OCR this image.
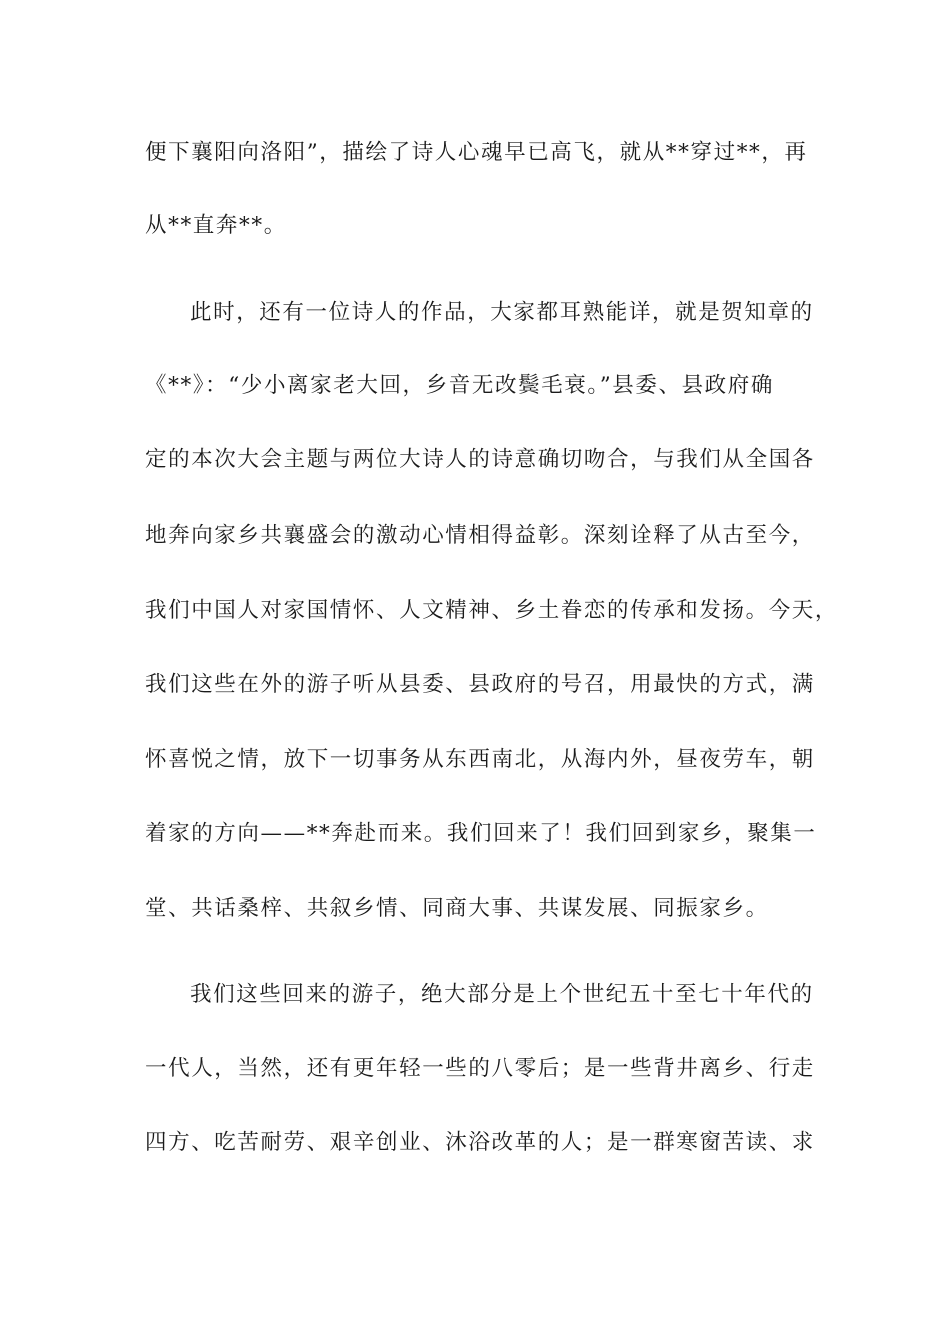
便下襄阳向洛阳”，描绘了诗人心魂早已高飞，就从**穿过**，再
从**直奔**。
此时，还有一位诗人的作品，大家都耳熟能详，就是贺知章的
《**》：“少小离家老大回，乡音无改鬓毛衰。”县委、县政府确
定的本次大会主题与两位大诗人的诗意确切吻合，与我们从全国各
地奔向家乡共襄盛会的激动心情相得益彰。深刻诠释了从古至今，
我们中国人对家国情怀、人文精神、乡土眷恋的传承和发扬。今天，
我们这些在外的游子听从县委、县政府的号召，用最快的方式，满
怀喜悦之情，放下一切事务从东西南北，从海内外，昼夜劳车，朝
着家的方向——**奔赴而来。我们回来了！我们回到家乡，聚集一
堂、共话桑梓、共叙乡情、同商大事、共谋发展、同振家乡。
我们这些回来的游子，绝大部分是上个世纪五十至七十年代的
一代人，当然，还有更年轻一些的八零后；是一些背井离乡、行走
四方、吃苦耐劳、艰辛创业、沐浴改革的人；是一群寒窗苦读、求
